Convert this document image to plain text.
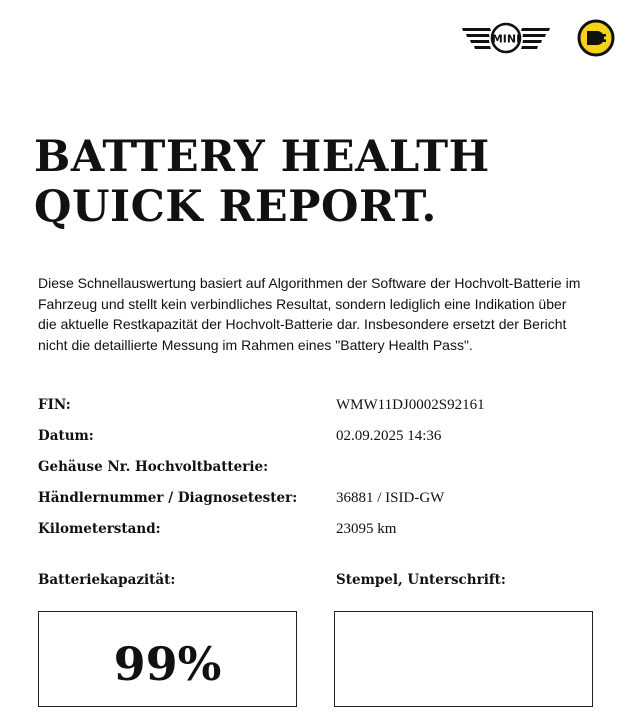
MINI
BATTERY HEALTH
QUICK REPORT.

Diese Schnellauswertung basiert auf Algorithmen der Software der Hochvolt-Batterie im Fahrzeug und stellt kein verbindliches Resultat, sondern lediglich eine Indikation über die aktuelle Restkapazität der Hochvolt-Batterie dar. Insbesondere ersetzt der Bericht nicht die detaillierte Messung im Rahmen eines "Battery Health Pass".

FIN:	WMW11DJ0002S92161
Datum:	02.09.2025 14:36
Gehäuse Nr. Hochvoltbatterie:
Händlernummer / Diagnosetester:	36881 / ISID-GW
Kilometerstand:	23095 km
Batteriekapazität:	Stempel, Unterschrift:
99%
